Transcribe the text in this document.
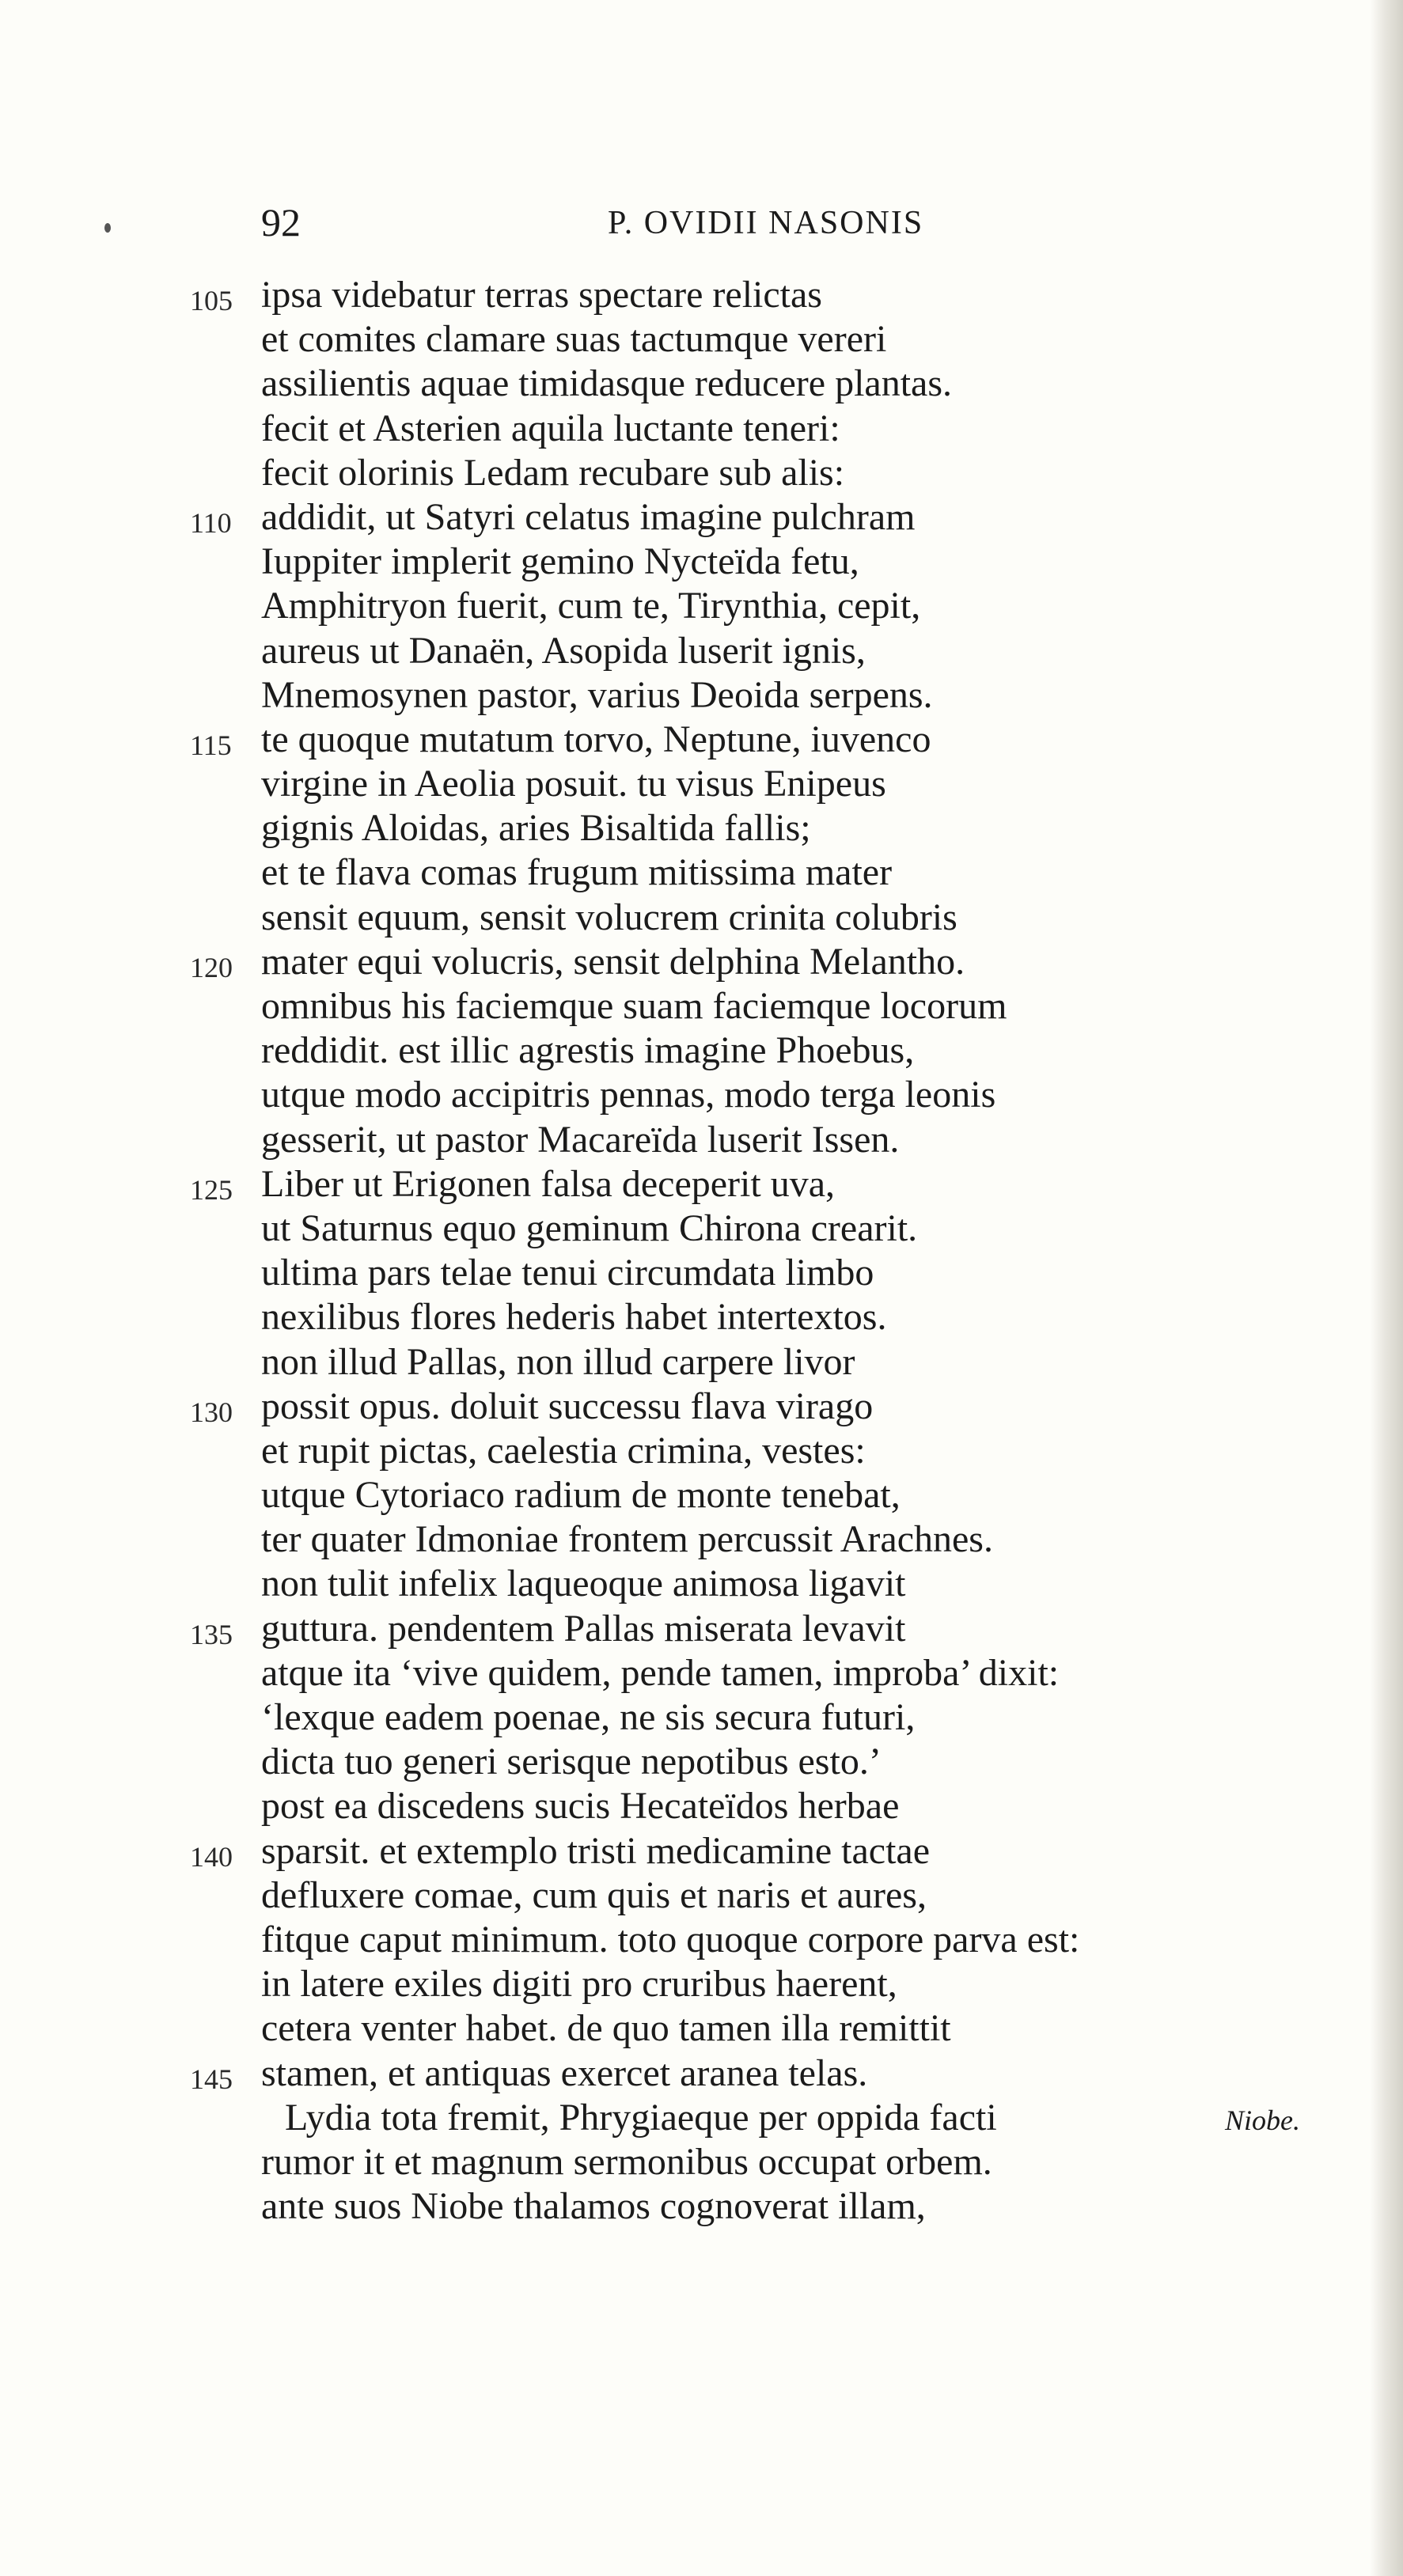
92	P. OVIDII NASONIS
105 ipsa videbatur terras spectare relictas
et comites clamare suas tactumque vereri
assilientis aquae timidasque reducere plantas.
fecit et Asterien aquila luctante teneri:
fecit olorinis Ledam recubare sub alis:
110 addidit, ut Satyri celatus imagine pulchram
Iuppiter implerit gemino Nycteïda fetu,
Amphitryon fuerit, cum te, Tirynthia, cepit,
aureus ut Danaën, Asopida luserit ignis,
Mnemosynen pastor, varius Deoida serpens.
115 te quoque mutatum torvo, Neptune, iuvenco
virgine in Aeolia posuit. tu visus Enipeus
gignis Aloidas, aries Bisaltida fallis;
et te flava comas frugum mitissima mater
sensit equum, sensit volucrem crinita colubris
120 mater equi volucris, sensit delphina Melantho.
omnibus his faciemque suam faciemque locorum
reddidit. est illic agrestis imagine Phoebus,
utque modo accipitris pennas, modo terga leonis
gesserit, ut pastor Macareïda luserit Issen.
125 Liber ut Erigonen falsa deceperit uva,
ut Saturnus equo geminum Chirona crearit.
ultima pars telae tenui circumdata limbo
nexilibus flores hederis habet intertextos.
non illud Pallas, non illud carpere livor
130 possit opus. doluit successu flava virago
et rupit pictas, caelestia crimina, vestes:
utque Cytoriaco radium de monte tenebat,
ter quater Idmoniae frontem percussit Arachnes.
non tulit infelix laqueoque animosa ligavit
135 guttura. pendentem Pallas miserata levavit
atque ita ‘vive quidem, pende tamen, improba’ dixit:
‘lexque eadem poenae, ne sis secura futuri,
dicta tuo generi serisque nepotibus esto.’
post ea discedens sucis Hecateïdos herbae
140 sparsit. et extemplo tristi medicamine tactae
defluxere comae, cum quis et naris et aures,
fitque caput minimum. toto quoque corpore parva est:
in latere exiles digiti pro cruribus haerent,
cetera venter habet. de quo tamen illa remittit
145 stamen, et antiquas exercet aranea telas.
Lydia tota fremit, Phrygiaeque per oppida facti	Niobe.
rumor it et magnum sermonibus occupat orbem.
ante suos Niobe thalamos cognoverat illam,
